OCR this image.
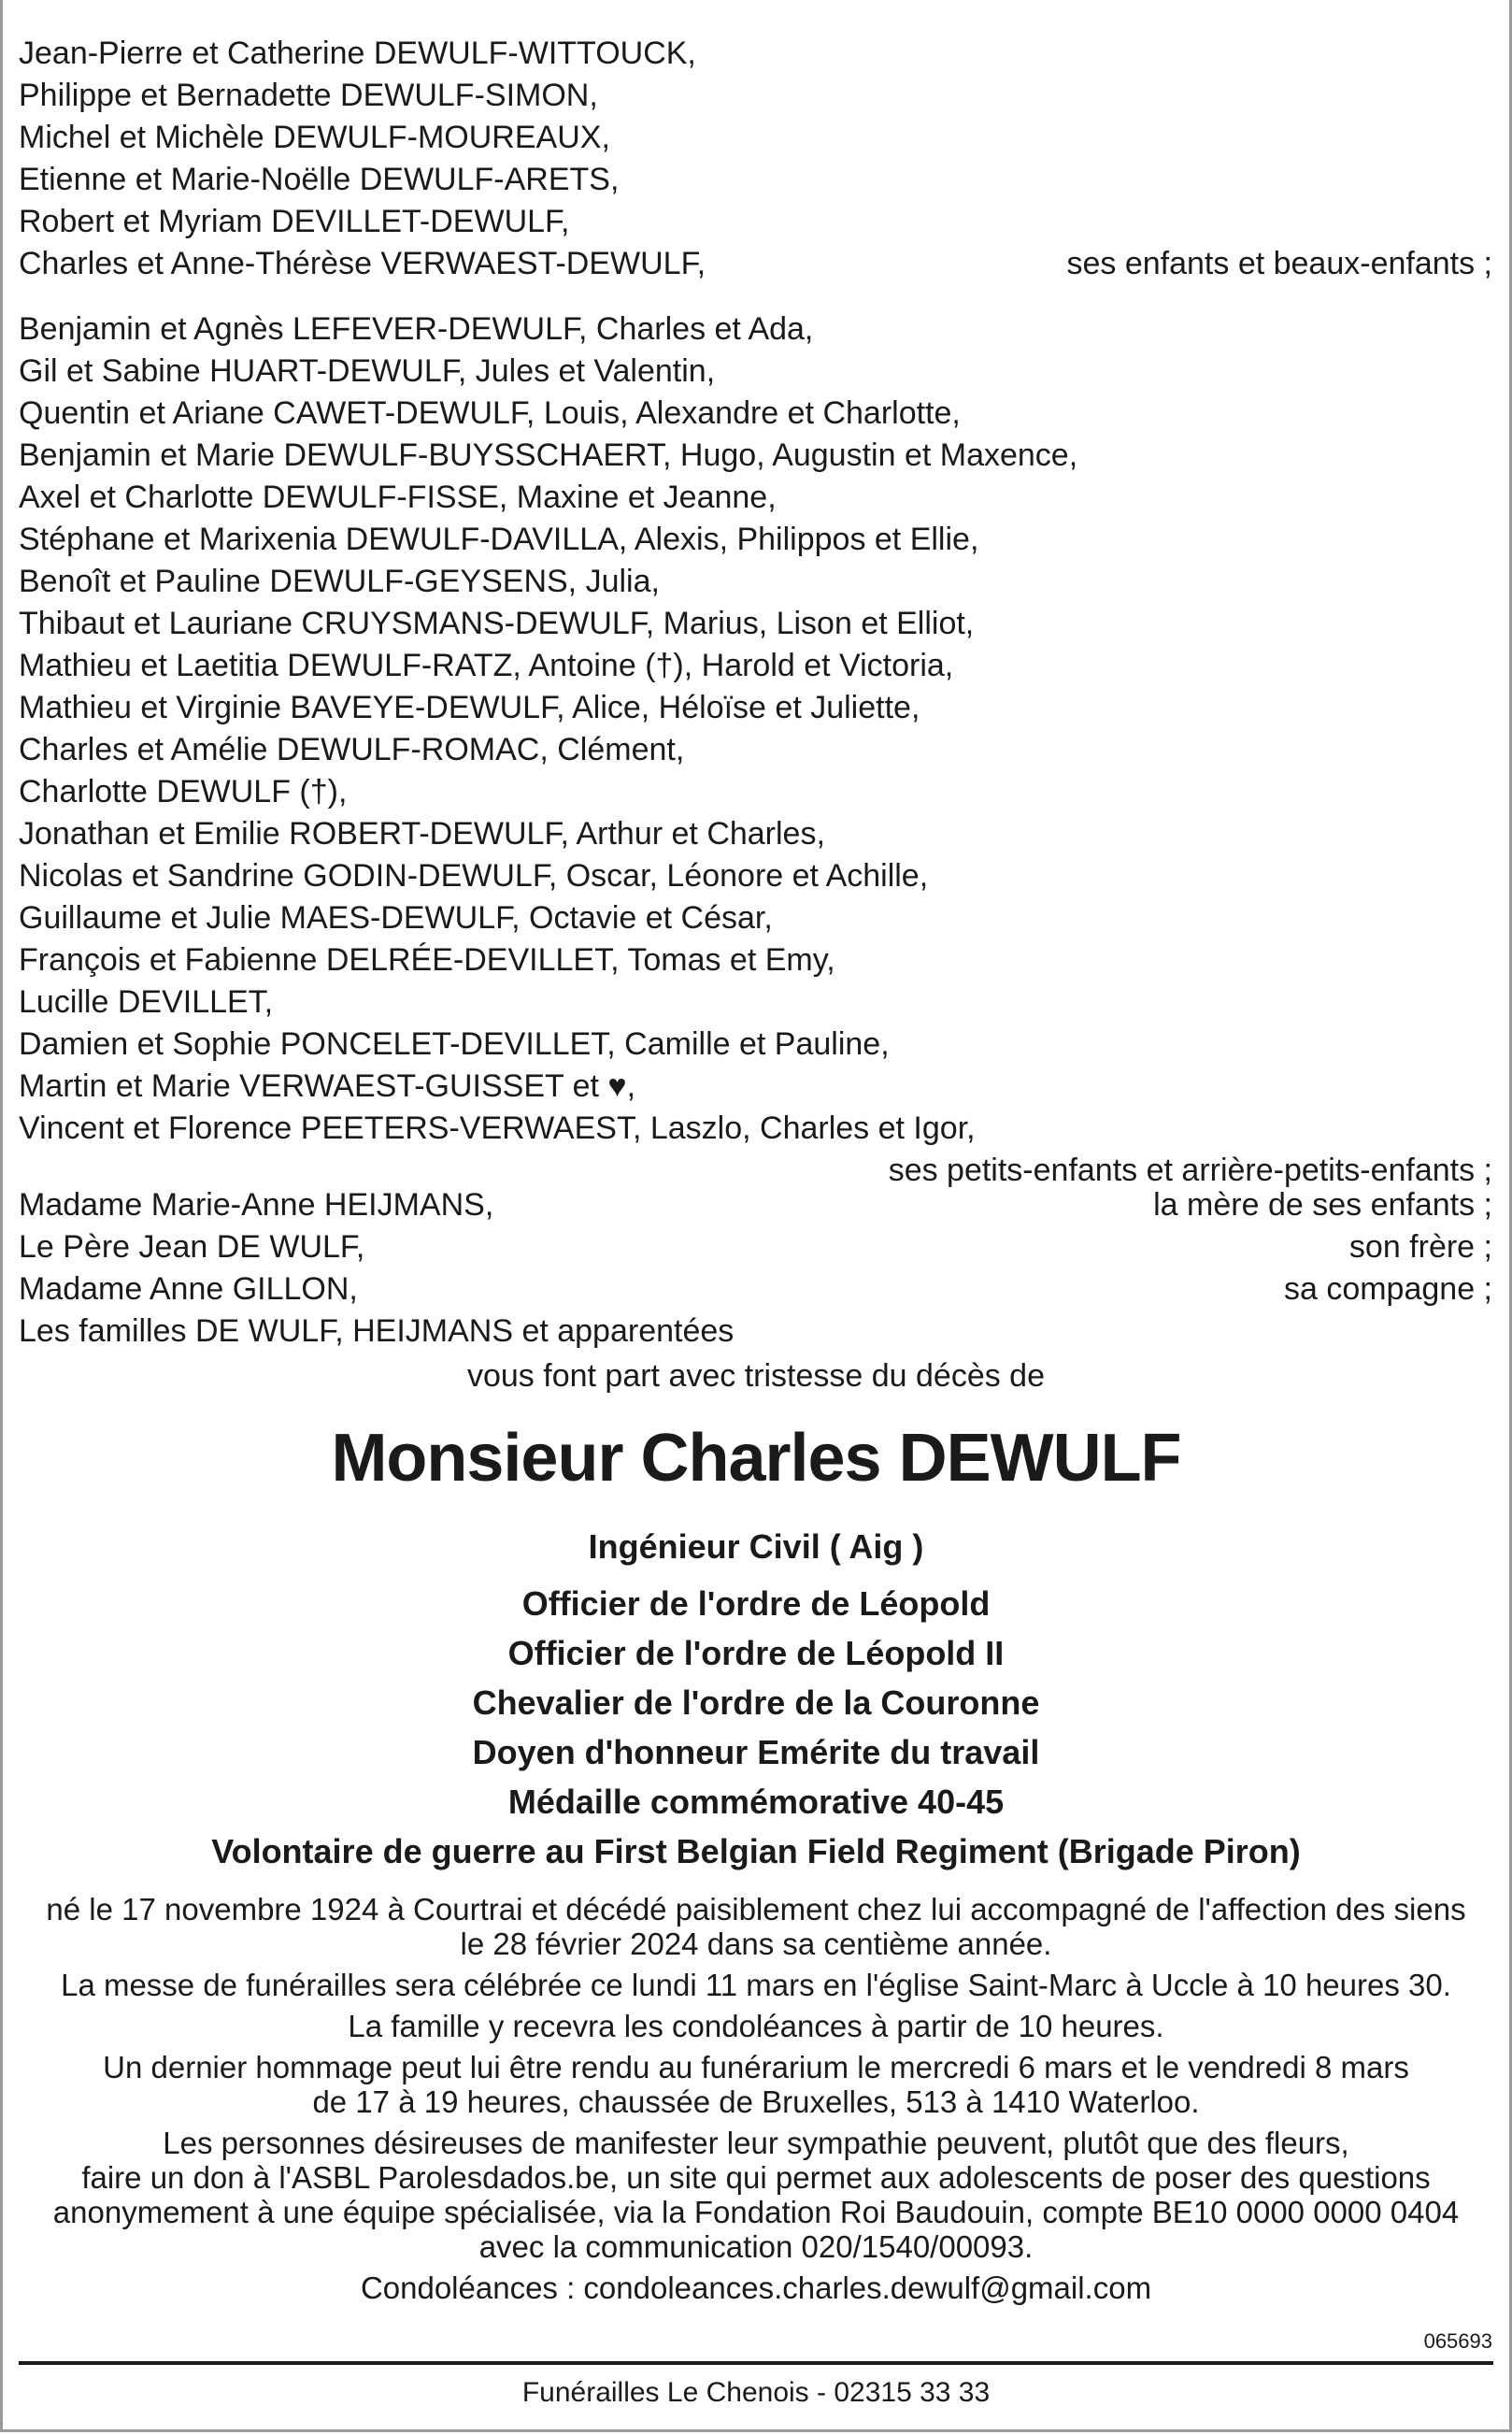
Jean-Pierre et Catherine DEWULF-WITTOUCK,
Philippe et Bernadette DEWULF-SIMON,
Michel et Michèle DEWULF-MOUREAUX,
Etienne et Marie-Noëlle DEWULF-ARETS,
Robert et Myriam DEVILLET-DEWULF,
Charles et Anne-Thérèse VERWAEST-DEWULF,	ses enfants et beaux-enfants ;
Benjamin et Agnès LEFEVER-DEWULF, Charles et Ada,
Gil et Sabine HUART-DEWULF, Jules et Valentin,
Quentin et Ariane CAWET-DEWULF, Louis, Alexandre et Charlotte,
Benjamin et Marie DEWULF-BUYSSCHAERT, Hugo, Augustin et Maxence,
Axel et Charlotte DEWULF-FISSE, Maxine et Jeanne,
Stéphane et Marixenia DEWULF-DAVILLA, Alexis, Philippos et Ellie,
Benoît et Pauline DEWULF-GEYSENS, Julia,
Thibaut et Lauriane CRUYSMANS-DEWULF, Marius, Lison et Elliot,
Mathieu et Laetitia DEWULF-RATZ, Antoine (†), Harold et Victoria,
Mathieu et Virginie BAVEYE-DEWULF, Alice, Héloïse et Juliette,
Charles et Amélie DEWULF-ROMAC, Clément,
Charlotte DEWULF (†),
Jonathan et Emilie ROBERT-DEWULF, Arthur et Charles,
Nicolas et Sandrine GODIN-DEWULF, Oscar, Léonore et Achille,
Guillaume et Julie MAES-DEWULF, Octavie et César,
François et Fabienne DELRÉE-DEVILLET, Tomas et Emy,
Lucille DEVILLET,
Damien et Sophie PONCELET-DEVILLET, Camille et Pauline,
Martin et Marie VERWAEST-GUISSET et ♥,
Vincent et Florence PEETERS-VERWAEST, Laszlo, Charles et Igor,
ses petits-enfants et arrière-petits-enfants ;
Madame Marie-Anne HEIJMANS,	la mère de ses enfants ;
Le Père Jean DE WULF,	son frère ;
Madame Anne GILLON,	sa compagne ;
Les familles DE WULF, HEIJMANS et apparentées
vous font part avec tristesse du décès de
Monsieur Charles DEWULF
Ingénieur Civil ( Aig )
Officier de l'ordre de Léopold
Officier de l'ordre de Léopold II
Chevalier de l'ordre de la Couronne
Doyen d'honneur Emérite du travail
Médaille commémorative 40-45
Volontaire de guerre au First Belgian Field Regiment (Brigade Piron)

né le 17 novembre 1924 à Courtrai et décédé paisiblement chez lui accompagné de l'affection des siens
le 28 février 2024 dans sa centième année.

La messe de funérailles sera célébrée ce lundi 11 mars en l'église Saint-Marc à Uccle à 10 heures 30.

La famille y recevra les condoléances à partir de 10 heures.

Un dernier hommage peut lui être rendu au funérarium le mercredi 6 mars et le vendredi 8 mars
de 17 à 19 heures, chaussée de Bruxelles, 513 à 1410 Waterloo.

Les personnes désireuses de manifester leur sympathie peuvent, plutôt que des fleurs,
faire un don à l'ASBL Parolesdados.be, un site qui permet aux adolescents de poser des questions
anonymement à une équipe spécialisée, via la Fondation Roi Baudouin, compte BE10 0000 0000 0404
avec la communication 020/1540/00093.

Condoléances : condoleances.charles.dewulf@gmail.com

065693
Funérailles Le Chenois - 02315 33 33
